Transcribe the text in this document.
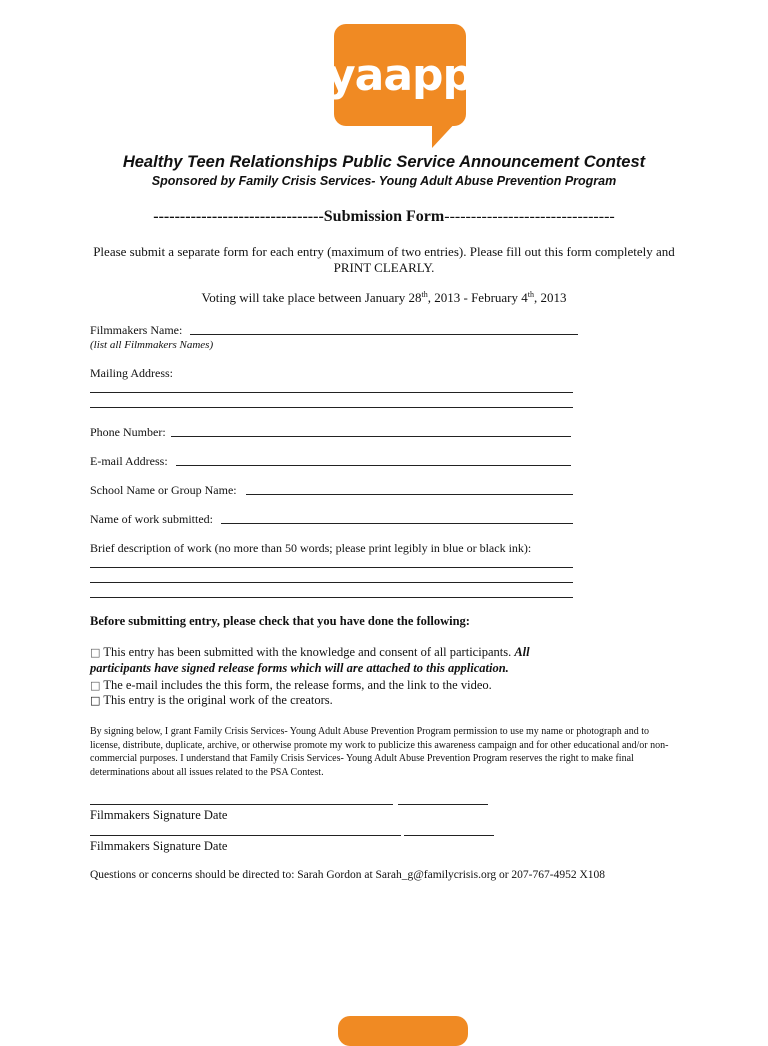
yaapp
Healthy Teen Relationships Public Service Announcement Contest
Sponsored by Family Crisis Services- Young Adult Abuse Prevention Program
--------------------------------Submission Form--------------------------------
Please submit a separate form for each entry (maximum of two entries). Please fill out this form completely and PRINT CLEARLY.
Voting will take place between January 28th, 2013 - February 4th, 2013
Filmmakers Name:
(list all Filmmakers Names)
Mailing Address:
Phone Number:
E-mail Address:
School Name or Group Name:
Name of work submitted:
Brief description of work (no more than 50 words; please print legibly in blue or black ink):
Before submitting entry, please check that you have done the following:
□ This entry has been submitted with the knowledge and consent of all participants. All
participants have signed release forms which will are attached to this application.
□ The e-mail includes the this form, the release forms, and the link to the video.
□ This entry is the original work of the creators.
By signing below, I grant Family Crisis Services- Young Adult Abuse Prevention Program permission to use my name or photograph and to license, distribute, duplicate, archive, or otherwise promote my work to publicize this awareness campaign and for other educational and/or non-commercial purposes. I understand that Family Crisis Services- Young Adult Abuse Prevention Program reserves the right to make final determinations about all issues related to the PSA Contest.
Filmmakers Signature Date
Filmmakers Signature Date
Questions or concerns should be directed to: Sarah Gordon at Sarah_g@familycrisis.org or 207-767-4952 X108
